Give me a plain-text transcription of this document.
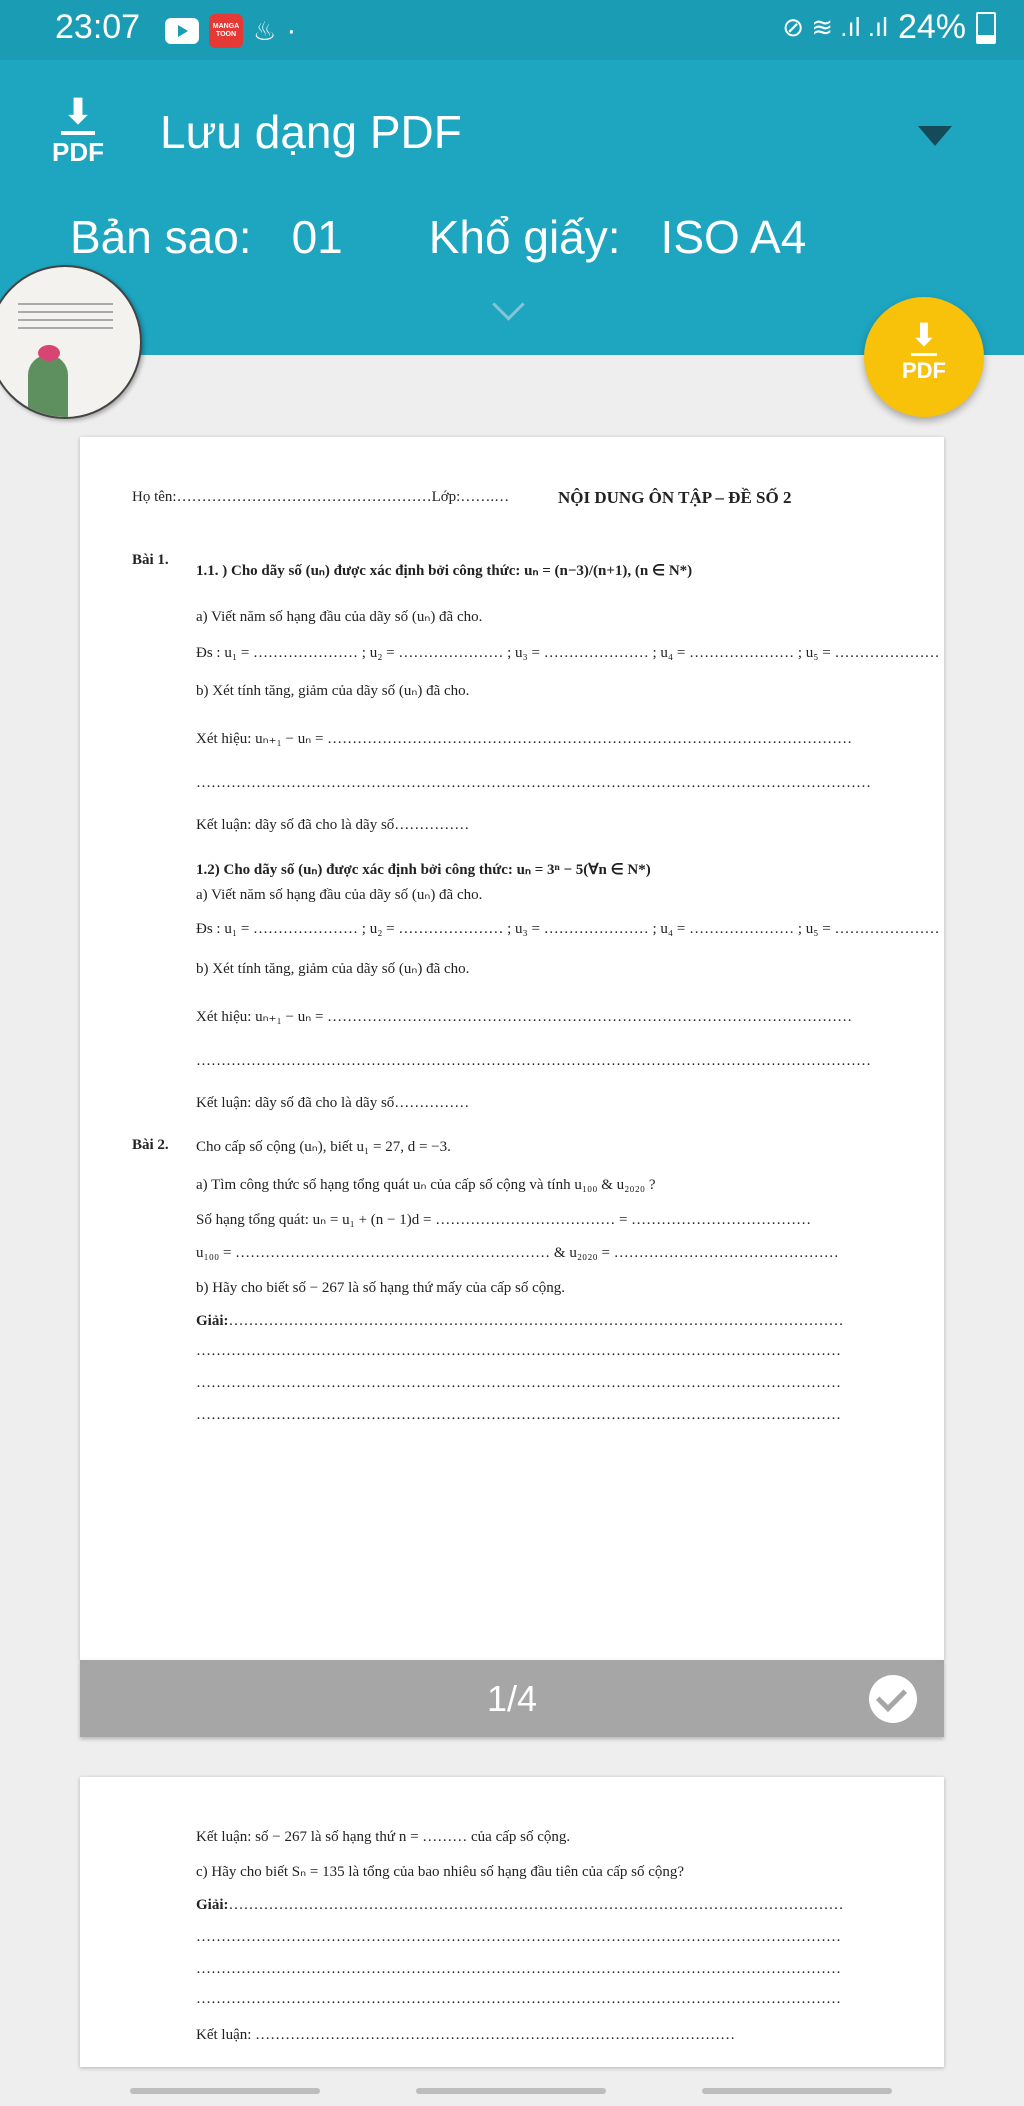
23:07	MANGA TOON ♨ ·	⊘ ≋ .ıl .ıl 24%
⬇
PDF Lưu dạng PDF
Bản sao: 01 Khổ giấy: ISO A4
⬇
PDF
Họ tên:……………………………………………Lớp:…….…	NỘI DUNG ÔN TẬP – ĐỀ SỐ 2
Bài 1.
1.1. ) Cho dãy số (uₙ) được xác định bởi công thức: uₙ = (n−3)/(n+1), (n ∈ N*)
a) Viết năm số hạng đầu của dãy số (uₙ) đã cho.
Đs : u₁ = ………………… ; u₂ = ………………… ; u₃ = ………………… ; u₄ = ………………… ; u₅ = …………………
b) Xét tính tăng, giảm của dãy số (uₙ) đã cho.
Xét hiệu: uₙ₊₁ − uₙ = ……………………………………………………………………………………………
………………………………………………………………………………………………………………………
Kết luận: dãy số đã cho là dãy số……………
1.2) Cho dãy số (uₙ) được xác định bởi công thức: uₙ = 3ⁿ − 5(∀n ∈ N*)
a) Viết năm số hạng đầu của dãy số (uₙ) đã cho.
Đs : u₁ = ………………… ; u₂ = ………………… ; u₃ = ………………… ; u₄ = ………………… ; u₅ = …………………
b) Xét tính tăng, giảm của dãy số (uₙ) đã cho.
Xét hiệu: uₙ₊₁ − uₙ = ……………………………………………………………………………………………
………………………………………………………………………………………………………………………
Kết luận: dãy số đã cho là dãy số……………
Bài 2. Cho cấp số cộng (uₙ), biết u₁ = 27, d = −3.
a) Tìm công thức số hạng tổng quát uₙ của cấp số cộng và tính u₁₀₀ & u₂₀₂₀ ?
Số hạng tổng quát: uₙ = u₁ + (n − 1)d = ……………………………… = ………………………………
u₁₀₀ = ……………………………………………………… & u₂₀₂₀ = ………………………………………
b) Hãy cho biết số − 267 là số hạng thứ mấy của cấp số cộng.
Giải:……………………………………………………………………………………………………………
…………………………………………………………………………………………………………………
…………………………………………………………………………………………………………………
…………………………………………………………………………………………………………………
1/4
Kết luận: số − 267 là số hạng thứ n = ……… của cấp số cộng.
c) Hãy cho biết Sₙ = 135 là tổng của bao nhiêu số hạng đầu tiên của cấp số cộng?
Giải:……………………………………………………………………………………………………………
…………………………………………………………………………………………………………………
…………………………………………………………………………………………………………………
…………………………………………………………………………………………………………………
Kết luận: ……………………………………………………………………………………
